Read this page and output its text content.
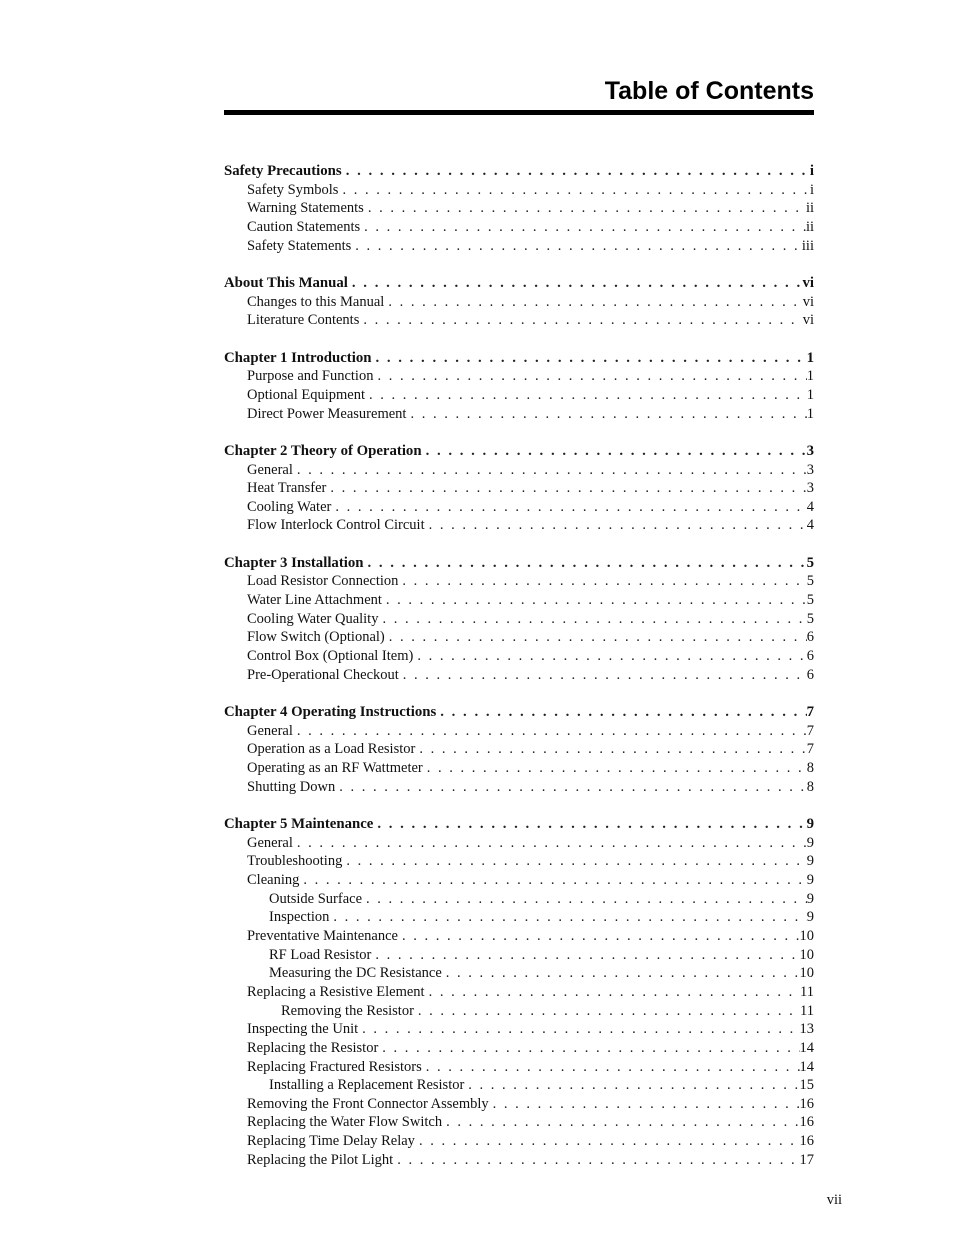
Table of Contents
Safety Precautions . . .	i
Safety Symbols . . .	i
Warning Statements . . .	ii
Caution Statements . . .	ii
Safety Statements . . .	iii
About This Manual . . .	vi
Changes to this Manual . . .	vi
Literature Contents . . .	vi
Chapter 1 Introduction . . .	1
Purpose and Function . . .	1
Optional Equipment . . .	1
Direct Power Measurement . . .	1
Chapter 2 Theory of Operation . . .	3
General . . .	3
Heat Transfer . . .	3
Cooling Water . . .	4
Flow Interlock Control Circuit . . .	4
Chapter 3 Installation . . .	5
Load Resistor Connection . . .	5
Water Line Attachment . . .	5
Cooling Water Quality . . .	5
Flow Switch (Optional) . . .	6
Control Box (Optional Item) . . .	6
Pre-Operational Checkout . . .	6
Chapter 4 Operating Instructions . . .	7
General . . .	7
Operation as a Load Resistor . . .	7
Operating as an RF Wattmeter . . .	8
Shutting Down . . .	8
Chapter 5 Maintenance . . .	9
General . . .	9
Troubleshooting . . .	9
Cleaning . . .	9
Outside Surface . . .	9
Inspection . . .	9
Preventative Maintenance . . .	10
RF Load Resistor . . .	10
Measuring the DC Resistance . . .	10
Replacing a Resistive Element . . .	11
Removing the Resistor . . .	11
Inspecting the Unit . . .	13
Replacing the Resistor . . .	14
Replacing Fractured Resistors . . .	14
Installing a Replacement Resistor . . .	15
Removing the Front Connector Assembly . . .	16
Replacing the Water Flow Switch . . .	16
Replacing Time Delay Relay . . .	16
Replacing the Pilot Light . . .	17
vii
